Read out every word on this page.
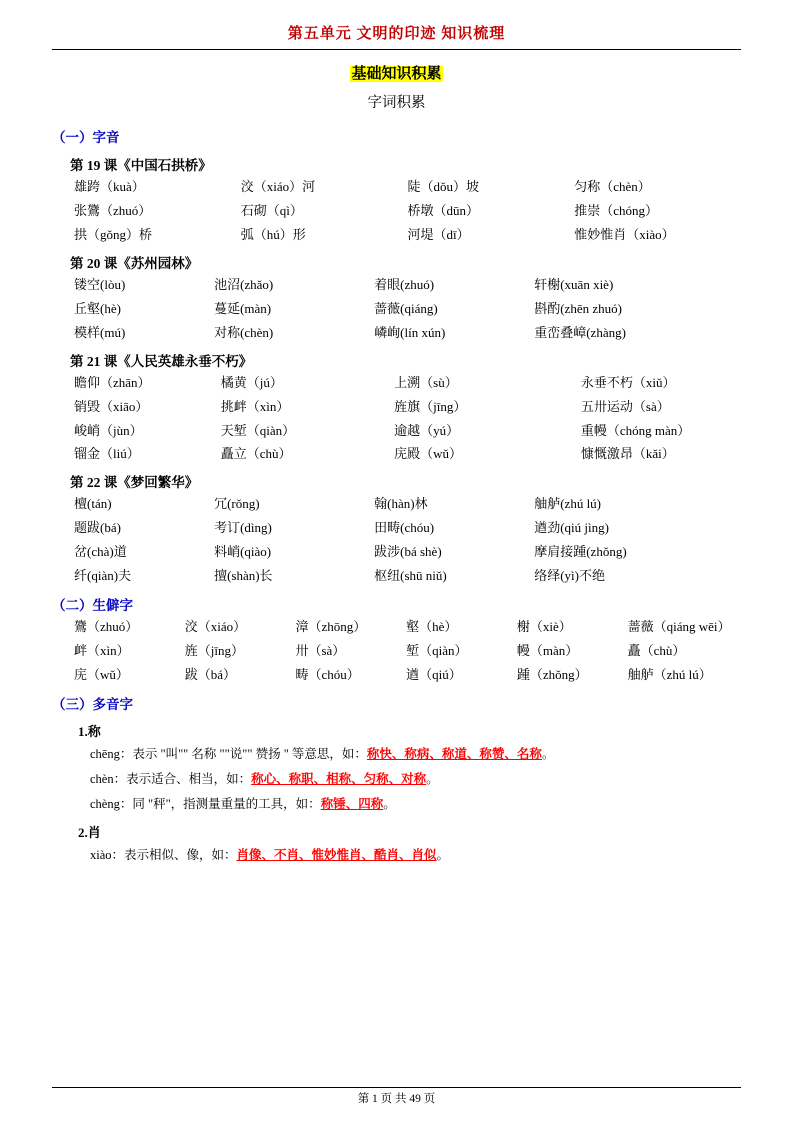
第五单元 文明的印迹 知识梳理
基础知识积累
字词积累
（一）字音
第 19 课《中国石拱桥》
雄跨（kuà）	洨（xiáo）河	陡（dǒu）坡	匀称（chèn）
张鷟（zhuó）	石砌（qì）	桥墩（dūn）	推崇（chóng）
拱（gǒng）桥	弧（hú）形	河堤（dī）	惟妙惟肖（xiào）
第 20 课《苏州园林》
镂空(lòu)	池沼(zhǎo)	着眼(zhuó)	轩榭(xuān xiè)
丘壑(hè)	蔓延(màn)	蔷薇(qiáng)	斟酌(zhēn zhuó)
模样(mú)	对称(chèn)	嶙峋(lín xún)	重峦叠嶂(zhàng)
第 21 课《人民英雄永垂不朽》
瞻仰（zhān）	橘黄（jú）	上溯（sù）	永垂不朽（xiǔ）
销毁（xiāo）	挑衅（xìn）	旌旗（jīng）	五卅运动（sà）
峻峭（jùn）	天堑（qiàn）	逾越（yú）	重幔（chóng màn）
镏金（liú）	矗立（chù）	庑殿（wǔ）	慷慨激昂（kǎi）
第 22 课《梦回繁华》
檀(tán)	冗(rǒng)	翰(hàn)林	舳舻(zhú lú)
题跋(bá)	考订(dìng)	田畴(chóu)	遒劲(qiú jìng)
岔(chà)道	料峭(qiào)	跋涉(bá shè)	摩肩接踵(zhǒng)
纤(qiàn)夫	擅(shàn)长	枢纽(shū niǔ)	络绎(yì)不绝
（二）生僻字
鷟（zhuó）	洨（xiáo）	漳（zhōng）	壑（hè）	榭（xiè）	蔷薇（qiáng wēi）
衅（xìn）	旌（jīng）	卅（sà）	堑（qiàn）	幔（màn）	矗（chù）
庑（wǔ）	跋（bá）	畴（chóu）	遒（qiú）	踵（zhǒng）	舳舻（zhú lú）
（三）多音字
1.称
chēng：表示 "叫"" 名称 ""说"" 赞扬 " 等意思，如：称快、称病、称道、称赞、名称。
chèn：表示适合、相当，如：称心、称职、相称、匀称、对称。
chèng：同 "秤"，指测量重量的工具，如：称锤、四称。
2.肖
xiào：表示相似、像，如：肖像、不肖、惟妙惟肖、酷肖、肖似。
第 1 页 共 49 页
